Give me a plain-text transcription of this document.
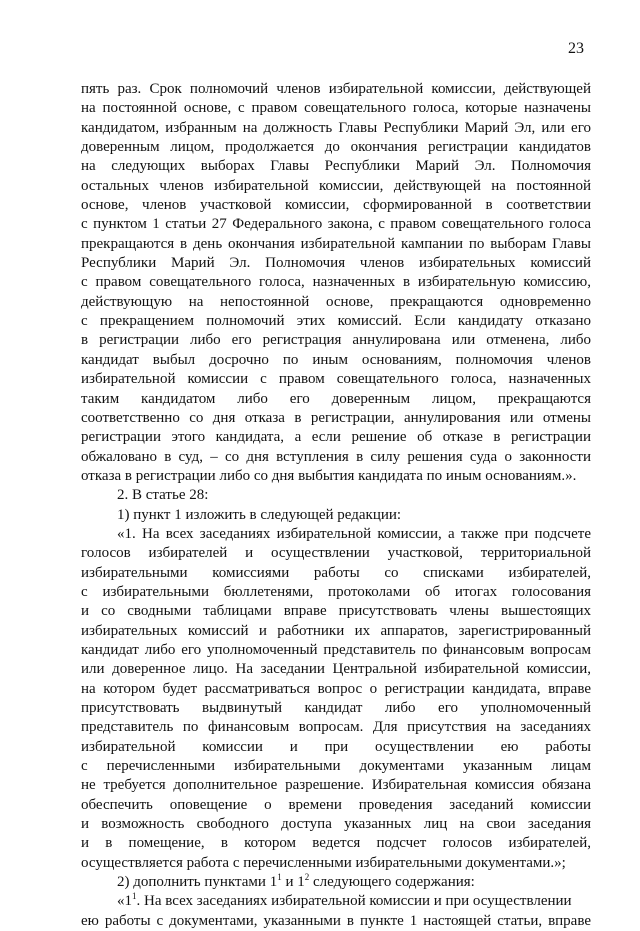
23
пять раз. Срок полномочий членов избирательной комиссии, действующей
на постоянной основе, с правом совещательного голоса, которые назначены
кандидатом, избранным на должность Главы Республики Марий Эл, или его
доверенным лицом, продолжается до окончания регистрации кандидатов
на следующих выборах Главы Республики Марий Эл. Полномочия
остальных членов избирательной комиссии, действующей на постоянной
основе, членов участковой комиссии, сформированной в соответствии
с пунктом 1 статьи 27 Федерального закона, с правом совещательного голоса
прекращаются в день окончания избирательной кампании по выборам Главы
Республики Марий Эл. Полномочия членов избирательных комиссий
с правом совещательного голоса, назначенных в избирательную комиссию,
действующую на непостоянной основе, прекращаются одновременно
с прекращением полномочий этих комиссий. Если кандидату отказано
в регистрации либо его регистрация аннулирована или отменена, либо
кандидат выбыл досрочно по иным основаниям, полномочия членов
избирательной комиссии с правом совещательного голоса, назначенных
таким кандидатом либо его доверенным лицом, прекращаются
соответственно со дня отказа в регистрации, аннулирования или отмены
регистрации этого кандидата, а если решение об отказе в регистрации
обжаловано в суд, – со дня вступления в силу решения суда о законности
отказа в регистрации либо со дня выбытия кандидата по иным основаниям.».
2. В статье 28:
1) пункт 1 изложить в следующей редакции:
«1. На всех заседаниях избирательной комиссии, а также при подсчете
голосов избирателей и осуществлении участковой, территориальной
избирательными комиссиями работы со списками избирателей,
с избирательными бюллетенями, протоколами об итогах голосования
и со сводными таблицами вправе присутствовать члены вышестоящих
избирательных комиссий и работники их аппаратов, зарегистрированный
кандидат либо его уполномоченный представитель по финансовым вопросам
или доверенное лицо. На заседании Центральной избирательной комиссии,
на котором будет рассматриваться вопрос о регистрации кандидата, вправе
присутствовать выдвинутый кандидат либо его уполномоченный
представитель по финансовым вопросам. Для присутствия на заседаниях
избирательной комиссии и при осуществлении ею работы
с перечисленными избирательными документами указанным лицам
не требуется дополнительное разрешение. Избирательная комиссия обязана
обеспечить оповещение о времени проведения заседаний комиссии
и возможность свободного доступа указанных лиц на свои заседания
и в помещение, в котором ведется подсчет голосов избирателей,
осуществляется работа с перечисленными избирательными документами.»;
2) дополнить пунктами $1^1$ и $1^2$ следующего содержания:
«$1^1$. На всех заседаниях избирательной комиссии и при осуществлении
ею работы с документами, указанными в пункте 1 настоящей статьи, вправе
